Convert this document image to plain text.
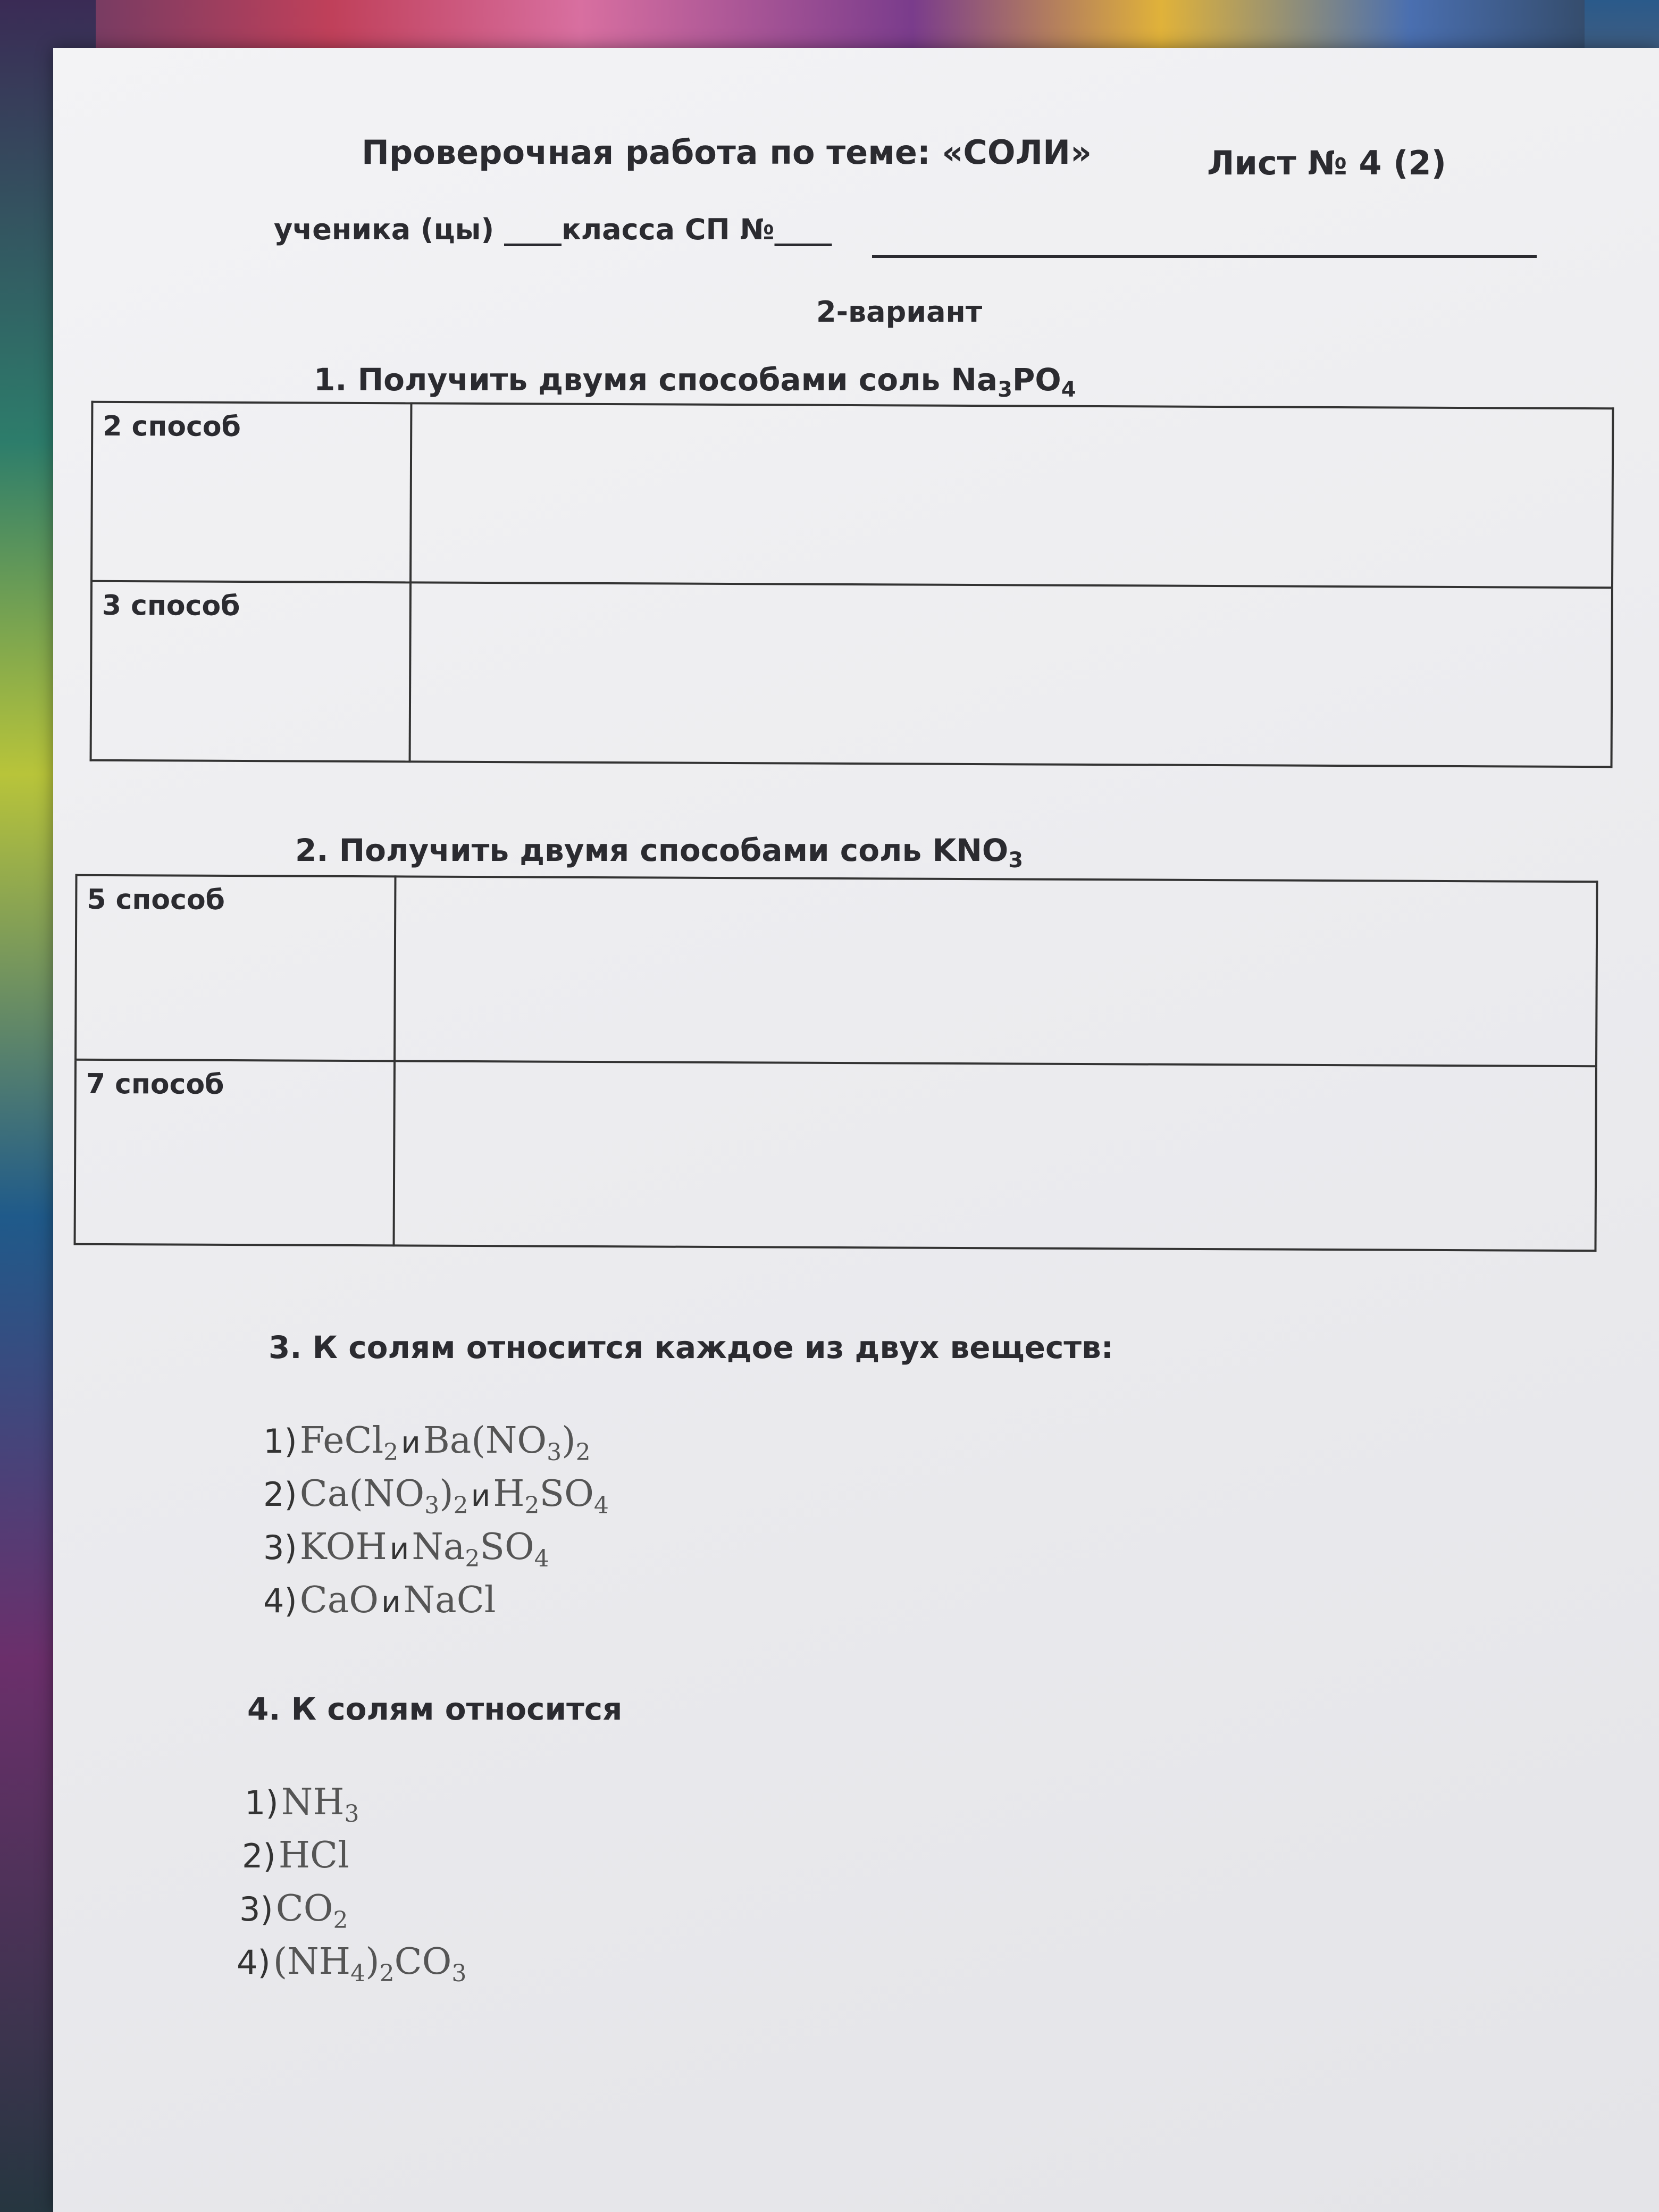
Проверочная работа по теме: «СОЛИ»	Лист № 4 (2)
ученика (цы) ____класса СП №____
2-вариант
1. Получить двумя способами соль $Na_3PO_4$
2 способ	
3 способ	
2. Получить двумя способами соль $KNO_3$
5 способ	
7 способ	
3. К солям относится каждое из двух веществ:
1) FeCl2 и Ba(NO3)2
2) Ca(NO3)2 и H2SO4
3) KOH и Na2SO4
4) CaO и NaCl
4. К солям относится
1) NH3
2) HCl
3) CO2
4) (NH4)2CO3
